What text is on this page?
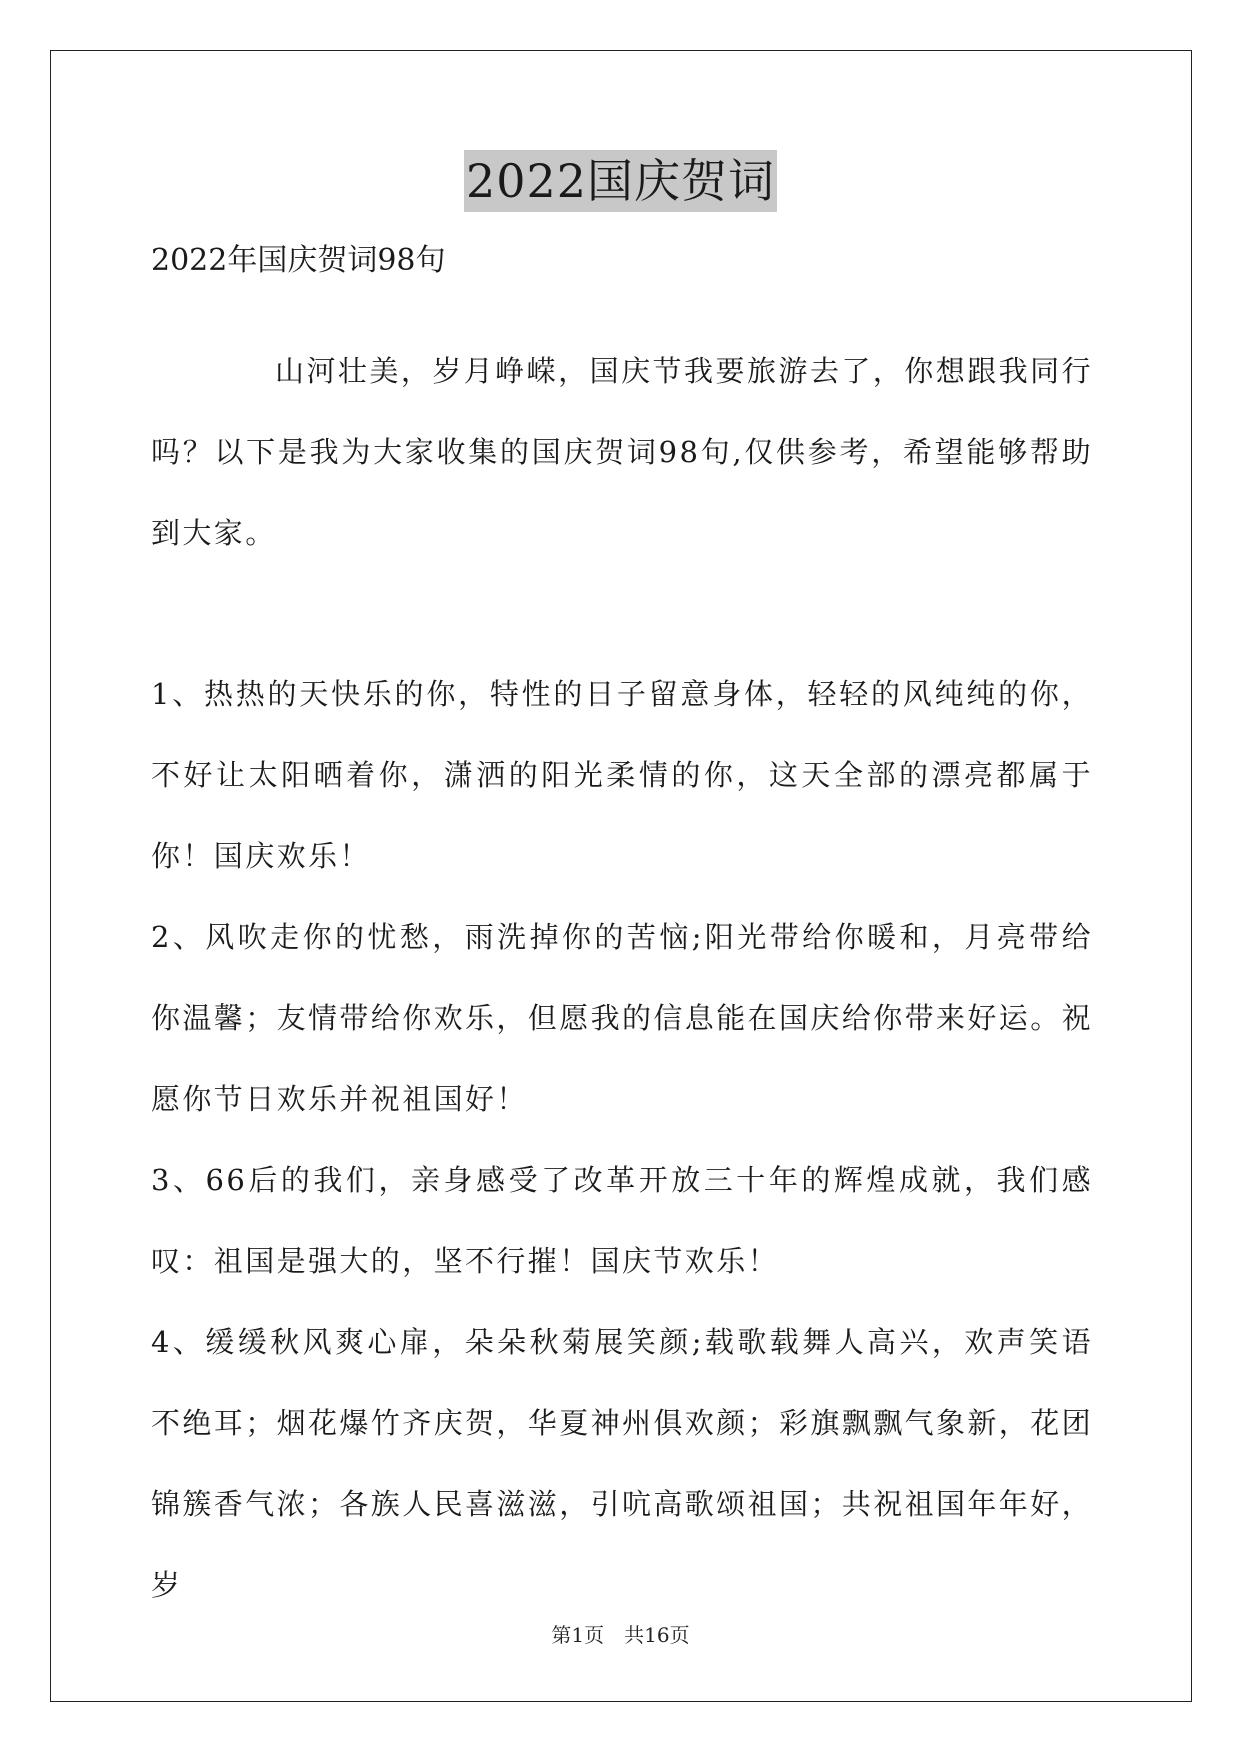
2022国庆贺词
2022年国庆贺词98句

山河壮美，岁月峥嵘，国庆节我要旅游去了，你想跟我同行吗？以下是我为大家收集的国庆贺词98句,仅供参考，希望能够帮助到大家。

1、热热的天快乐的你，特性的日子留意身体，轻轻的风纯纯的你，不好让太阳晒着你，潇洒的阳光柔情的你，这天全部的漂亮都属于你！国庆欢乐！

2、风吹走你的忧愁，雨洗掉你的苦恼;阳光带给你暖和，月亮带给你温馨；友情带给你欢乐，但愿我的信息能在国庆给你带来好运。祝愿你节日欢乐并祝祖国好！

3、66后的我们，亲身感受了改革开放三十年的辉煌成就，我们感叹：祖国是强大的，坚不行摧！国庆节欢乐！

4、缓缓秋风爽心扉，朵朵秋菊展笑颜;载歌载舞人高兴，欢声笑语不绝耳；烟花爆竹齐庆贺，华夏神州俱欢颜；彩旗飘飘气象新，花团锦簇香气浓；各族人民喜滋滋，引吭高歌颂祖国；共祝祖国年年好，岁

第1页　共16页
